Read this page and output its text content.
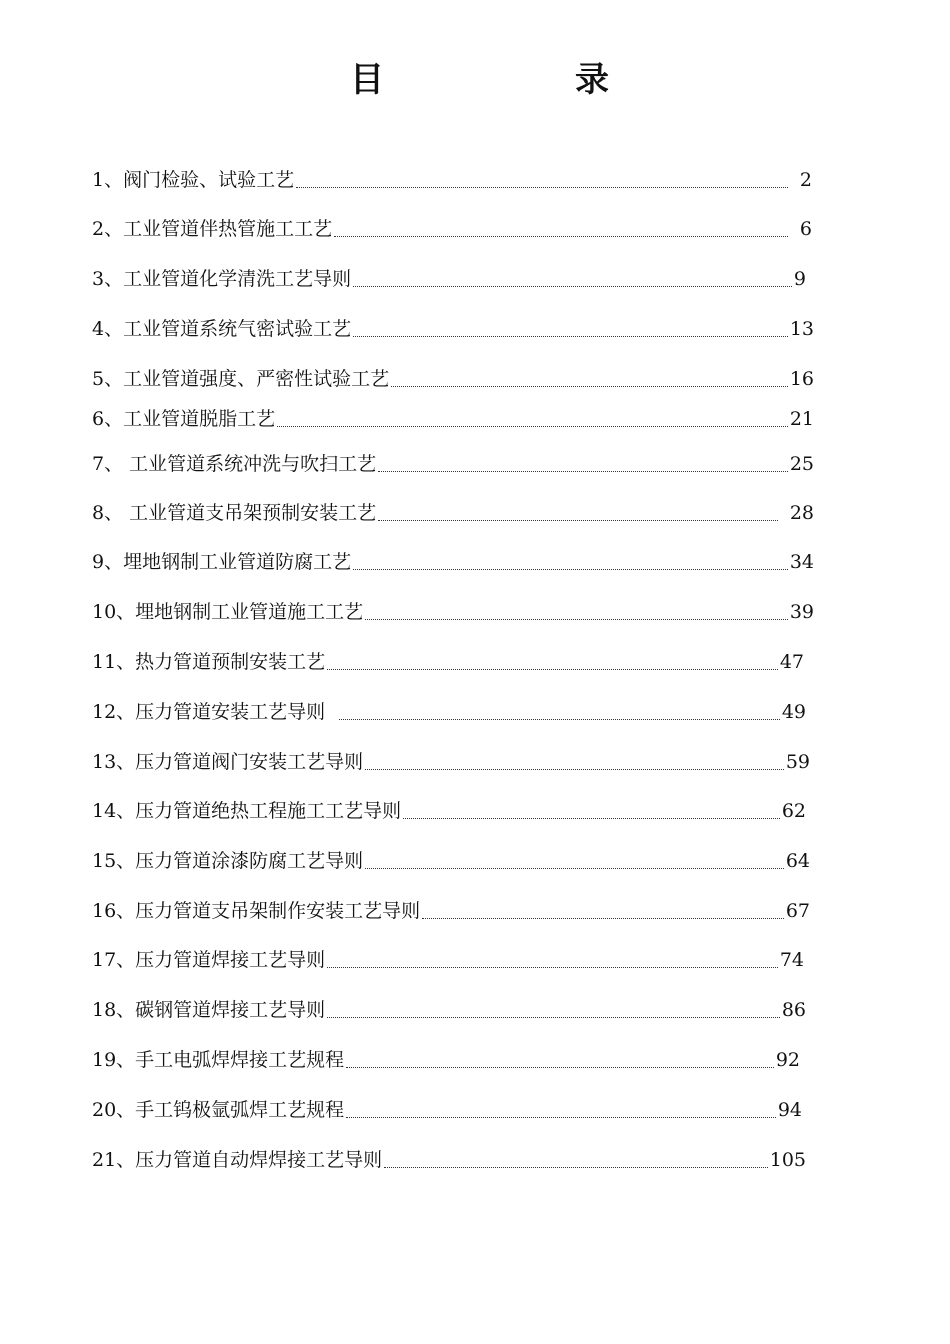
目	录
1、阀门检验、试验工艺	2
2、工业管道伴热管施工工艺	6
3、工业管道化学清洗工艺导则	9
4、工业管道系统气密试验工艺	13
5、工业管道强度、严密性试验工艺	16
6、工业管道脱脂工艺	21
7、 工业管道系统冲洗与吹扫工艺	25
8、 工业管道支吊架预制安装工艺	28
9、埋地钢制工业管道防腐工艺	34
10、埋地钢制工业管道施工工艺	39
11、热力管道预制安装工艺	47
12、压力管道安装工艺导则	49
13、压力管道阀门安装工艺导则	59
14、压力管道绝热工程施工工艺导则	62
15、压力管道涂漆防腐工艺导则	64
16、压力管道支吊架制作安装工艺导则	67
17、压力管道焊接工艺导则	74
18、碳钢管道焊接工艺导则	86
19、手工电弧焊焊接工艺规程	92
20、手工钨极氩弧焊工艺规程	94
21、压力管道自动焊焊接工艺导则	105
